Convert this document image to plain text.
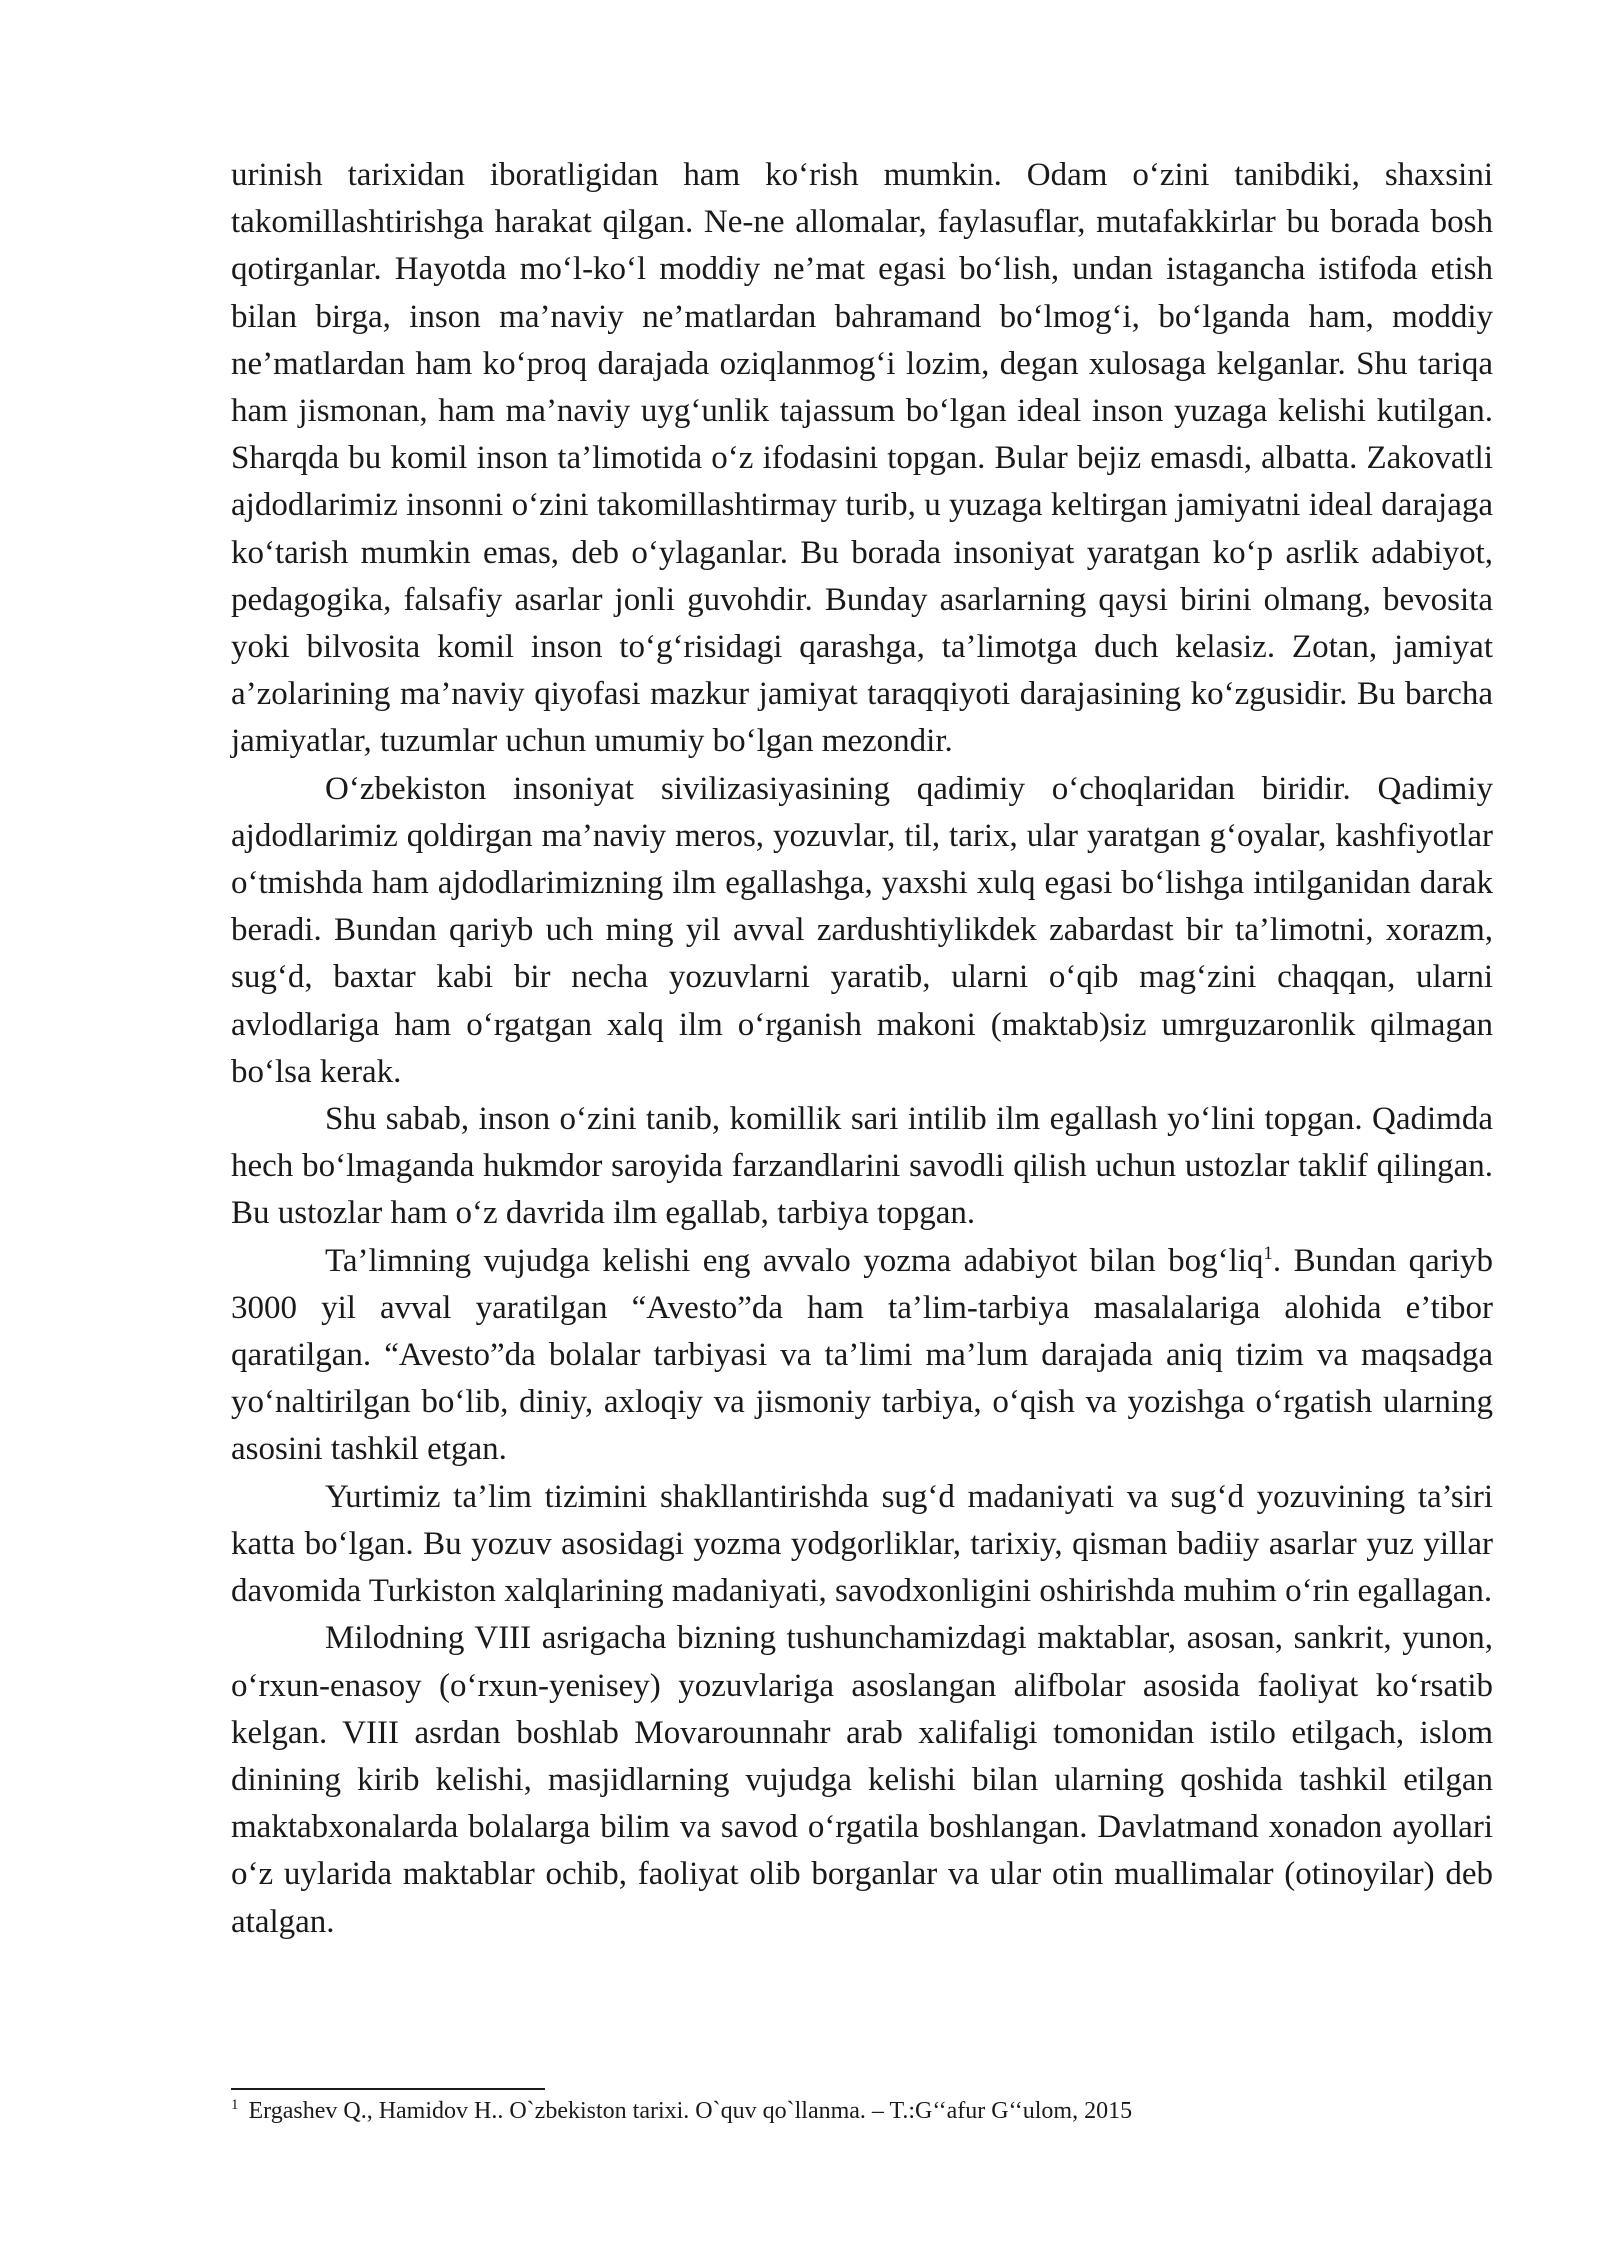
urinish tarixidan iboratligidan ham ko‘rish mumkin. Odam o‘zini tanibdiki, shaxsini takomillashtirishga harakat qilgan. Ne-ne allomalar, faylasuflar, mutafakkirlar bu borada bosh qotirganlar. Hayotda mo‘l-ko‘l moddiy ne’mat egasi bo‘lish, undan istagancha istifoda etish bilan birga, inson ma’naviy ne’matlardan bahramand bo‘lmog‘i, bo‘lganda ham, moddiy ne’matlardan ham ko‘proq darajada oziqlanmog‘i lozim, degan xulosaga kelganlar. Shu tariqa ham jismonan, ham ma’naviy uyg‘unlik tajassum bo‘lgan ideal inson yuzaga kelishi kutilgan. Sharqda bu komil inson ta’limotida o‘z ifodasini topgan. Bular bejiz emasdi, albatta. Zakovatli ajdodlarimiz insonni o‘zini takomillashtirmay turib, u yuzaga keltirgan jamiyatni ideal darajaga ko‘tarish mumkin emas, deb o‘ylaganlar. Bu borada insoniyat yaratgan ko‘p asrlik adabiyot, pedagogika, falsafiy asarlar jonli guvohdir. Bunday asarlarning qaysi birini olmang, bevosita yoki bilvosita komil inson to‘g‘risidagi qarashga, ta’limotga duch kelasiz. Zotan, jamiyat a’zolarining ma’naviy qiyofasi mazkur jamiyat taraqqiyoti darajasining ko‘zgusidir. Bu barcha jamiyatlar, tuzumlar uchun umumiy bo‘lgan mezondir.

O‘zbekiston insoniyat sivilizasiyasining qadimiy o‘choqlaridan biridir. Qadimiy ajdodlarimiz qoldirgan ma’naviy meros, yozuvlar, til, tarix, ular yaratgan g‘oyalar, kashfiyotlar o‘tmishda ham ajdodlarimizning ilm egallashga, yaxshi xulq egasi bo‘lishga intilganidan darak beradi. Bundan qariyb uch ming yil avval zardushtiylikdek zabardast bir ta’limotni, xorazm, sug‘d, baxtar kabi bir necha yozuvlarni yaratib, ularni o‘qib mag‘zini chaqqan, ularni avlodlariga ham o‘rgatgan xalq ilm o‘rganish makoni (maktab)siz umrguzaronlik qilmagan bo‘lsa kerak.

Shu sabab, inson o‘zini tanib, komillik sari intilib ilm egallash yo‘lini topgan. Qadimda hech bo‘lmaganda hukmdor saroyida farzandlarini savodli qilish uchun ustozlar taklif qilingan. Bu ustozlar ham o‘z davrida ilm egallab, tarbiya topgan.

Ta’limning vujudga kelishi eng avvalo yozma adabiyot bilan bog‘liq$^1$. Bundan qariyb 3000 yil avval yaratilgan “Avesto”da ham ta’lim-tarbiya masalalariga alohida e’tibor qaratilgan. “Avesto”da bolalar tarbiyasi va ta’limi ma’lum darajada aniq tizim va maqsadga yo‘naltirilgan bo‘lib, diniy, axloqiy va jismoniy tarbiya, o‘qish va yozishga o‘rgatish ularning asosini tashkil etgan.

Yurtimiz ta’lim tizimini shakllantirishda sug‘d madaniyati va sug‘d yozuvining ta’siri katta bo‘lgan. Bu yozuv asosidagi yozma yodgorliklar, tarixiy, qisman badiiy asarlar yuz yillar davomida Turkiston xalqlarining madaniyati, savodxonligini oshirishda muhim o‘rin egallagan.

Milodning VIII asrigacha bizning tushunchamizdagi maktablar, asosan, sankrit, yunon, o‘rxun-enasoy (o‘rxun-yenisey) yozuvlariga asoslangan alifbolar asosida faoliyat ko‘rsatib kelgan. VIII asrdan boshlab Movarounnahr arab xalifaligi tomonidan istilo etilgach, islom dinining kirib kelishi, masjidlarning vujudga kelishi bilan ularning qoshida tashkil etilgan maktabxonalarda bolalarga bilim va savod o‘rgatila boshlangan. Davlatmand xonadon ayollari o‘z uylarida maktablar ochib, faoliyat olib borganlar va ular otin muallimalar (otinoyilar) deb atalgan.

$^1$ Ergashev Q., Hamidov H.. O`zbekiston tarixi. O`quv qo`llanma. – T.:G‘‘afur G‘‘ulom, 2015
